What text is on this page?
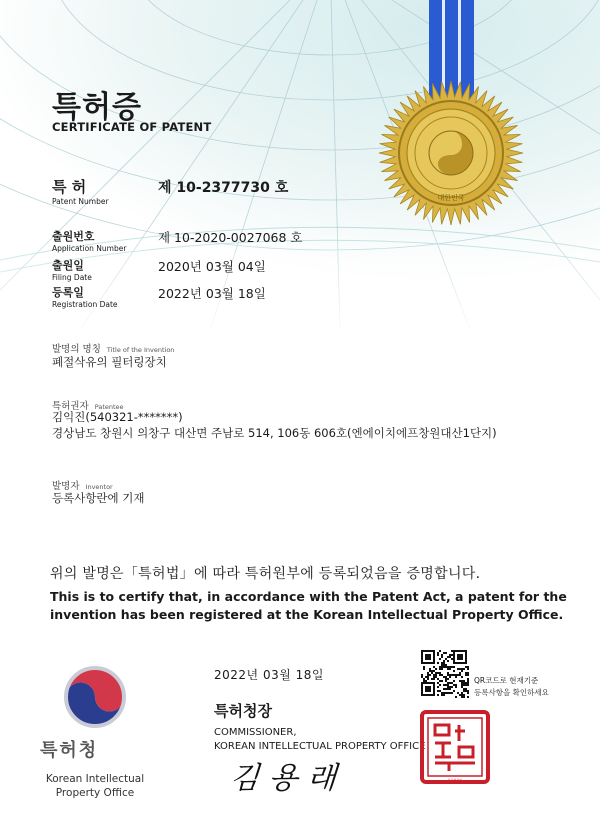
대한민국
특허증
CERTIFICATE OF PATENT
특 허
Patent Number
제 10-2377730 호
출원번호
Application Number
제 10-2020-0027068 호
출원일
Filing Date
2020년 03월 04일
등록일
Registration Date
2022년 03월 18일
발명의 명칭 Title of the Invention
폐절삭유의 필터링장치
특허권자 Patentee
김익진(540321-*******)
경상남도 창원시 의창구 대산면 주남로 514, 106동 606호(엔에이치에프창원대산1단지)
발명자 Inventor
등록사항란에 기재
위의 발명은「특허법」에 따라 특허원부에 등록되었음을 증명합니다.
This is to certify that, in accordance with the Patent Act, a patent for the invention has been registered at the Korean Intellectual Property Office.
특허청
Korean Intellectual
Property Office
2022년 03월 18일
특허청장
COMMISSIONER,
KOREAN INTELLECTUAL PROPERTY OFFICE
김 용 래
QR코드로 현재기준
등록사항을 확인하세요
특허청장인
